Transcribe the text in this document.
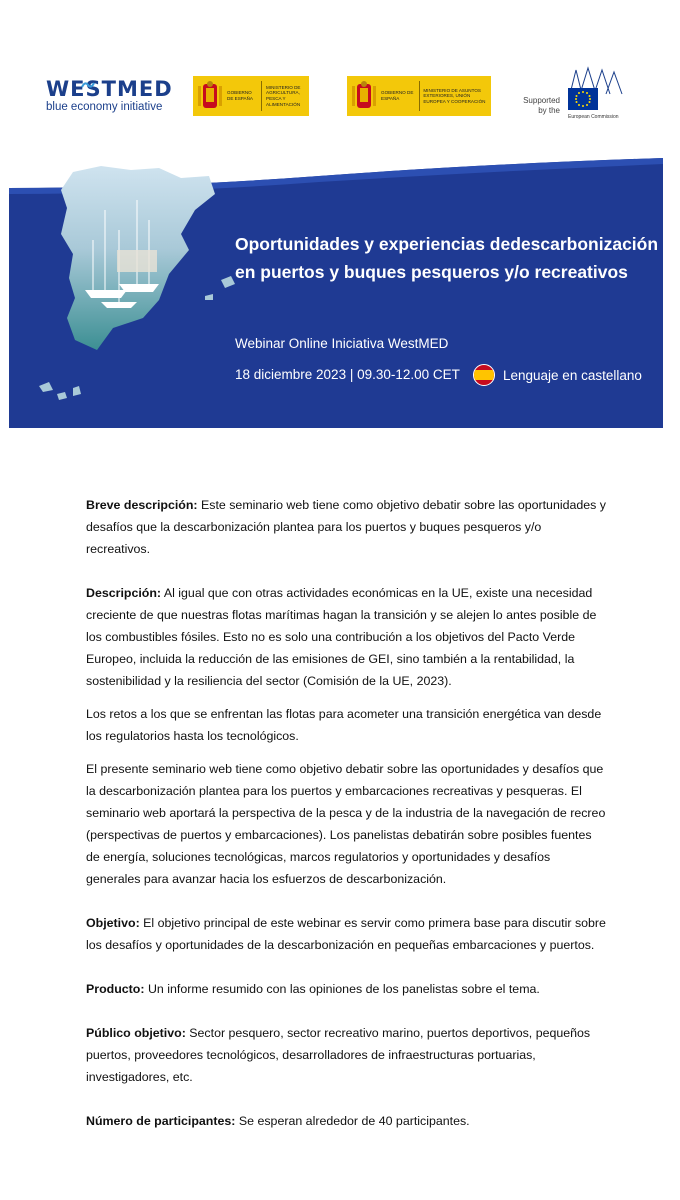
WESTMED
blue economy initiative
GOBIERNO DE ESPAÑA
MINISTERIO DE AGRICULTURA, PESCA Y ALIMENTACIÓN
GOBIERNO DE ESPAÑA
MINISTERIO DE ASUNTOS EXTERIORES, UNIÓN EUROPEA Y COOPERACIÓN	Supported by the
European Commission
Oportunidades y experiencias dedescarbonización
en puertos y buques pesqueros y/o recreativos
Webinar Online Iniciativa WestMED
18 diciembre 2023 | 09.30-12.00 CET	Lenguaje en castellano

Breve descripción: Este seminario web tiene como objetivo debatir sobre las oportunidades y desafíos que la descarbonización plantea para los puertos y buques pesqueros y/o recreativos.

Descripción: Al igual que con otras actividades económicas en la UE, existe una necesidad creciente de que nuestras flotas marítimas hagan la transición y se alejen lo antes posible de los combustibles fósiles. Esto no es solo una contribución a los objetivos del Pacto Verde Europeo, incluida la reducción de las emisiones de GEI, sino también a la rentabilidad, la sostenibilidad y la resiliencia del sector (Comisión de la UE, 2023).

Los retos a los que se enfrentan las flotas para acometer una transición energética van desde los regulatorios hasta los tecnológicos.

El presente seminario web tiene como objetivo debatir sobre las oportunidades y desafíos que la descarbonización plantea para los puertos y embarcaciones recreativas y pesqueras. El seminario web aportará la perspectiva de la pesca y de la industria de la navegación de recreo (perspectivas de puertos y embarcaciones). Los panelistas debatirán sobre posibles fuentes de energía, soluciones tecnológicas, marcos regulatorios y oportunidades y desafíos generales para avanzar hacia los esfuerzos de descarbonización.

Objetivo: El objetivo principal de este webinar es servir como primera base para discutir sobre los desafíos y oportunidades de la descarbonización en pequeñas embarcaciones y puertos.

Producto: Un informe resumido con las opiniones de los panelistas sobre el tema.

Público objetivo: Sector pesquero, sector recreativo marino, puertos deportivos, pequeños puertos, proveedores tecnológicos, desarrolladores de infraestructuras portuarias, investigadores, etc.

Número de participantes: Se esperan alrededor de 40 participantes.
